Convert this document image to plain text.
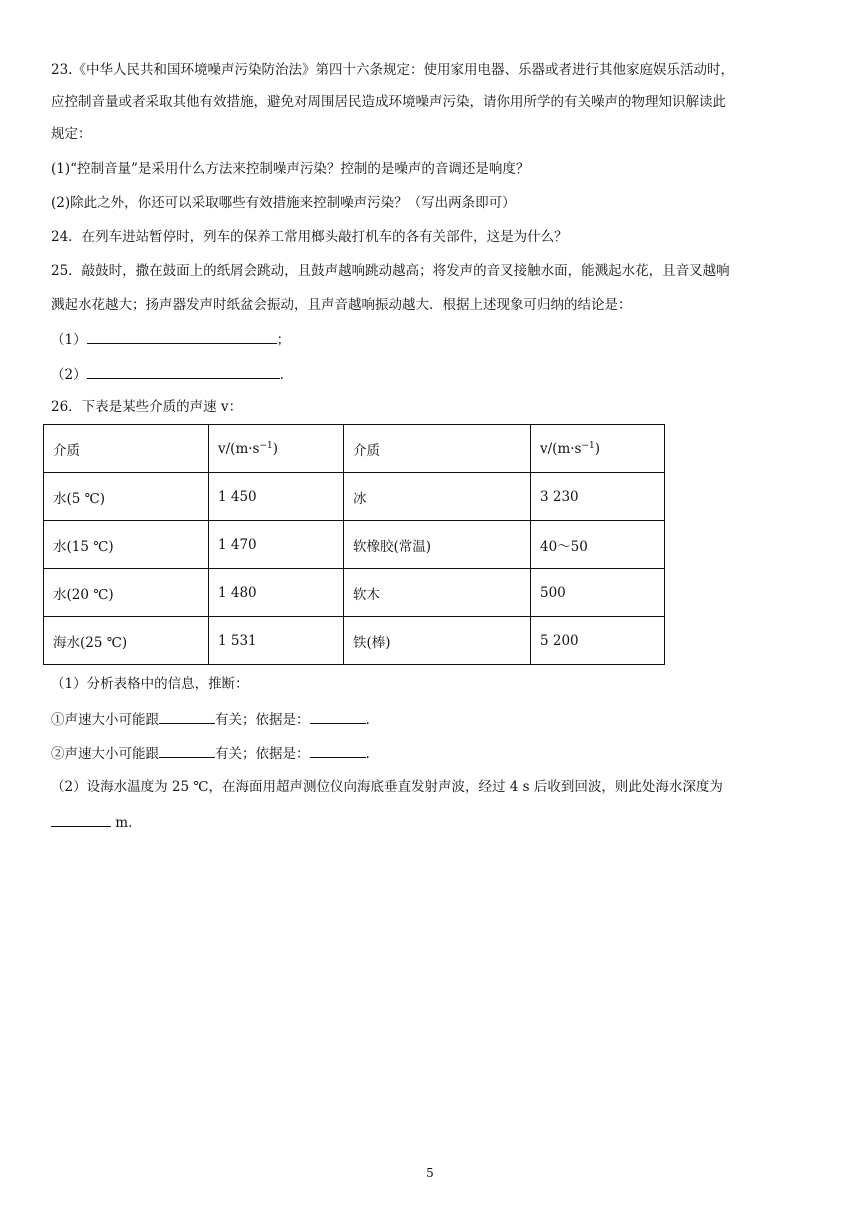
23.《中华人民共和国环境噪声污染防治法》第四十六条规定：使用家用电器、乐器或者进行其他家庭娱乐活动时，
应控制音量或者采取其他有效措施，避免对周围居民造成环境噪声污染，请你用所学的有关噪声的物理知识解读此
规定：
(1)“控制音量”是采用什么方法来控制噪声污染？控制的是噪声的音调还是响度？
(2)除此之外，你还可以采取哪些有效措施来控制噪声污染？（写出两条即可）
24．在列车进站暂停时，列车的保养工常用榔头敲打机车的各有关部件，这是为什么？
25．敲鼓时，撒在鼓面上的纸屑会跳动，且鼓声越响跳动越高；将发声的音叉接触水面，能溅起水花，且音叉越响
溅起水花越大；扬声器发声时纸盆会振动，且声音越响振动越大．根据上述现象可归纳的结论是：
（1）	；
（2）	.
26．下表是某些介质的声速 v：
介质	$v/(m\cdot s^{-1})$	介质	$v/(m\cdot s^{-1})$
水(5 ℃)	1 450	冰	3 230
水(15 ℃)	1 470	软橡胶(常温)	40～50
水(20 ℃)	1 480	软木	500
海水(25 ℃)	1 531	铁(棒)	5 200
（1）分析表格中的信息，推断：
①声速大小可能跟	有关；依据是：	.
②声速大小可能跟	有关；依据是：	.
（2）设海水温度为 25 ℃，在海面用超声测位仪向海底垂直发射声波，经过 4 s 后收到回波，则此处海水深度为
m．
5
